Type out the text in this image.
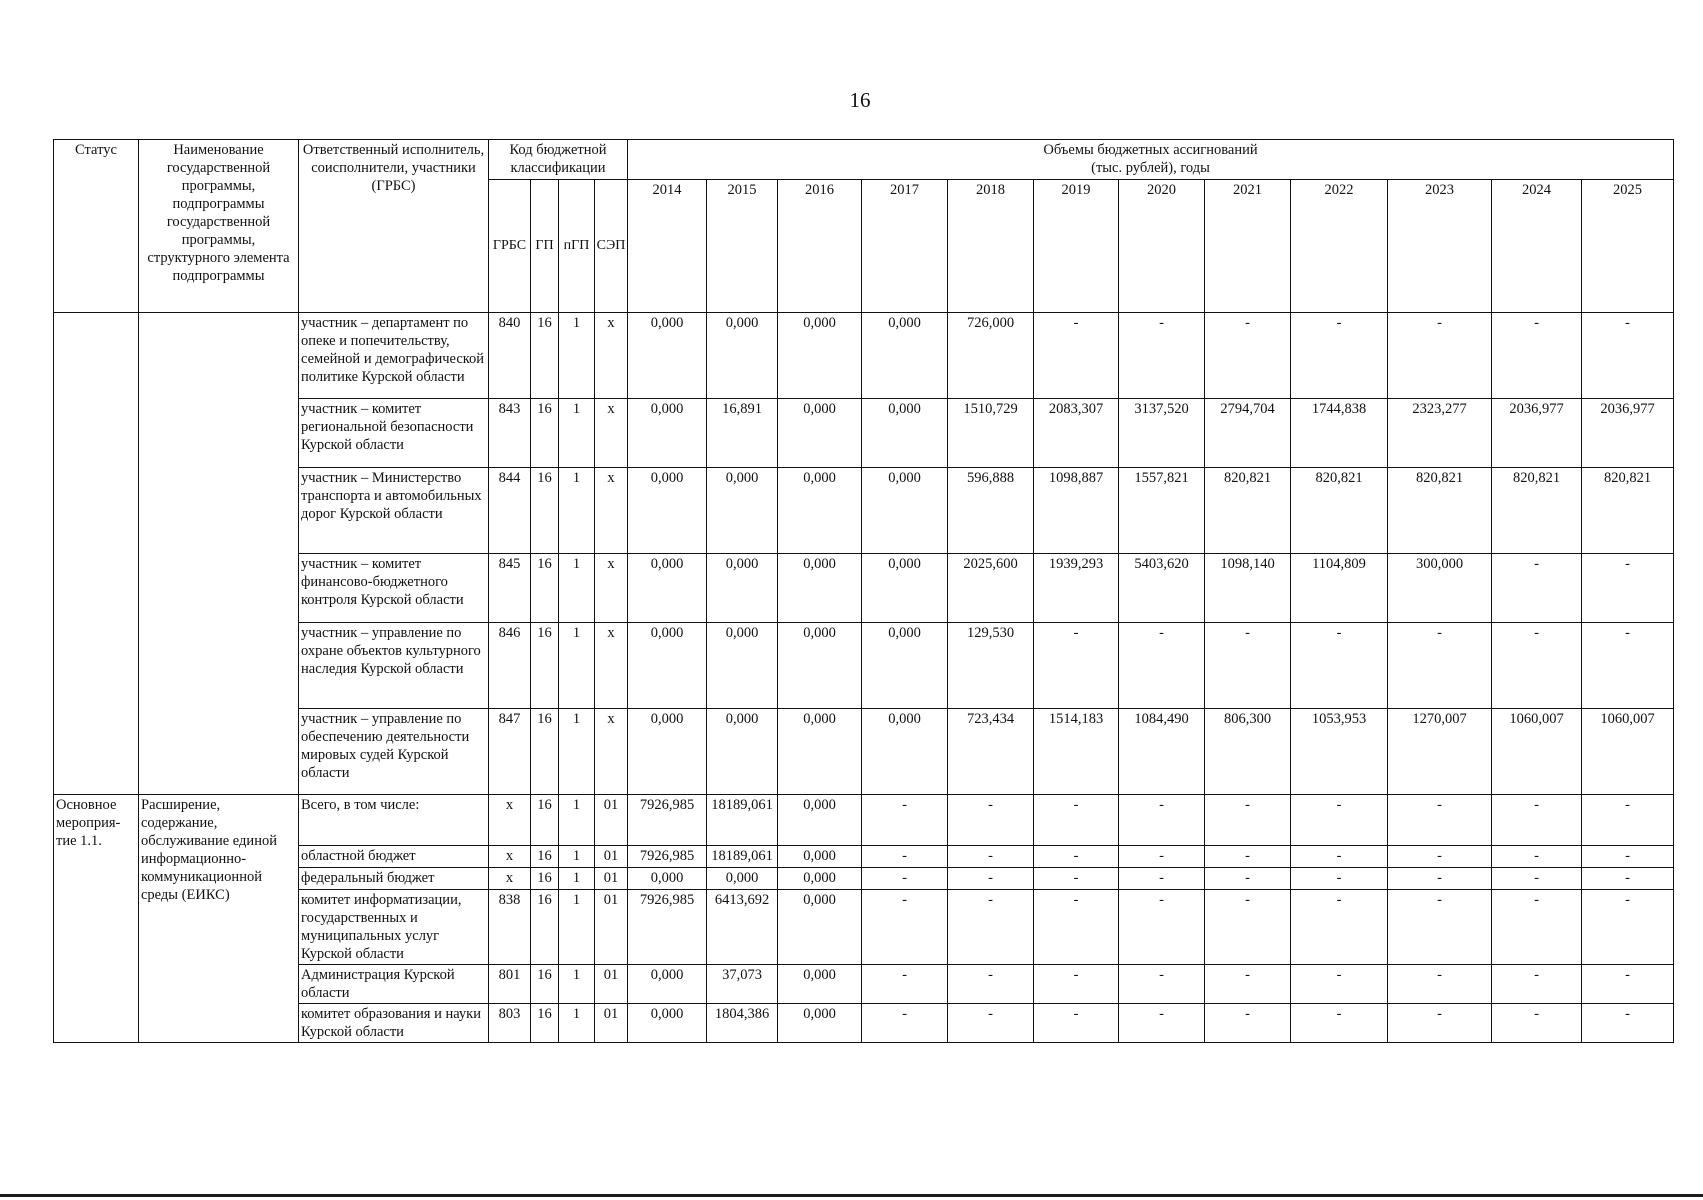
16
Статус	Наименование государственной программы, подпрограммы государственной программы, структурного элемента подпрограммы	Ответственный исполнитель, соисполнители, участники (ГРБС)	Код бюджетной классификации				Объемы бюджетных ассигнований
(тыс. рублей), годы											

			ГРБС	ГП	пГП	СЭП	2014	2015	2016	2017	2018	2019	2020	2021	2022	2023	2024	2025
		участник – департамент по опеке и попечительству, семейной и демографической политике Курской области	840	16	1	х	0,000	0,000	0,000	0,000	726,000	-	-	-	-	-	-	-
		участник – комитет региональной безопасности Курской области	843	16	1	х	0,000	16,891	0,000	0,000	1510,729	2083,307	3137,520	2794,704	1744,838	2323,277	2036,977	2036,977
		участник – Министерство транспорта и автомобильных дорог Курской области	844	16	1	х	0,000	0,000	0,000	0,000	596,888	1098,887	1557,821	820,821	820,821	820,821	820,821	820,821
		участник – комитет финансово-бюджетного контроля Курской области	845	16	1	х	0,000	0,000	0,000	0,000	2025,600	1939,293	5403,620	1098,140	1104,809	300,000	-	-
		участник – управление по охране объектов культурного наследия Курской области	846	16	1	х	0,000	0,000	0,000	0,000	129,530	-	-	-	-	-	-	-
		участник – управление по обеспечению деятельности мировых судей Курской области	847	16	1	х	0,000	0,000	0,000	0,000	723,434	1514,183	1084,490	806,300	1053,953	1270,007	1060,007	1060,007
Основное мероприя-тие 1.1.	Расширение, содержание, обслуживание единой информационно-коммуникационной среды (ЕИКС)	Всего, в том числе:	х	16	1	01	7926,985	18189,061	0,000	-	-	-	-	-	-	-	-	-
		областной бюджет	х	16	1	01	7926,985	18189,061	0,000	-	-	-	-	-	-	-	-	-
		федеральный бюджет	х	16	1	01	0,000	0,000	0,000	-	-	-	-	-	-	-	-	-
		комитет информатизации, государственных и муниципальных услуг Курской области	838	16	1	01	7926,985	6413,692	0,000	-	-	-	-	-	-	-	-	-
		Администрация Курской области	801	16	1	01	0,000	37,073	0,000	-	-	-	-	-	-	-	-	-
		комитет образования и науки Курской области	803	16	1	01	0,000	1804,386	0,000	-	-	-	-	-	-	-	-	-
